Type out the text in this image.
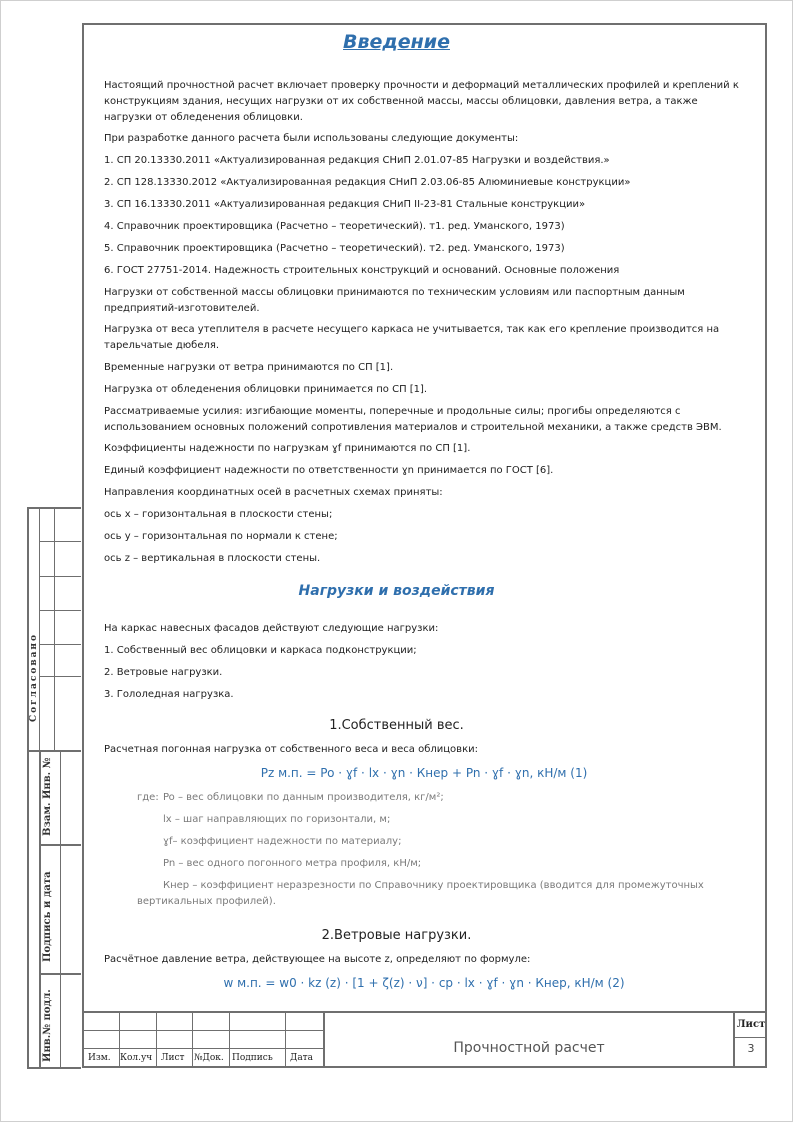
Введение
Настоящий прочностной расчет включает проверку прочности и деформаций металлических профилей и креплений к конструкциям здания, несущих нагрузки от их собственной массы, массы облицовки, давления ветра, а также нагрузки от обледенения облицовки.
При разработке данного расчета были использованы следующие документы:
1. СП 20.13330.2011 «Актуализированная редакция СНиП 2.01.07-85 Нагрузки и воздействия.»
2. СП 128.13330.2012 «Актуализированная редакция СНиП 2.03.06-85 Алюминиевые конструкции»
3. СП 16.13330.2011 «Актуализированная редакция СНиП II-23-81 Стальные конструкции»
4. Справочник проектировщика (Расчетно – теоретический). т1. ред. Уманского, 1973)
5. Справочник проектировщика (Расчетно – теоретический). т2. ред. Уманского, 1973)
6. ГОСТ 27751-2014. Надежность строительных конструкций и оснований. Основные положения
Нагрузки от собственной массы облицовки принимаются по техническим условиям или паспортным данным предприятий-изготовителей.
Нагрузка от веса утеплителя в расчете несущего каркаса не учитывается, так как его крепление производится на тарельчатые дюбеля.
Временные нагрузки от ветра принимаются по СП [1].
Нагрузка от обледенения облицовки принимается по СП [1].
Рассматриваемые усилия: изгибающие моменты, поперечные и продольные силы; прогибы определяются с использованием основных положений сопротивления материалов и строительной механики, а также средств ЭВМ.
Коэффициенты надежности по нагрузкам ɣf принимаются по СП [1].
Единый коэффициент надежности по ответственности ɣn принимается по ГОСТ [6].
Направления координатных осей в расчетных схемах приняты:
ось x – горизонтальная в плоскости стены;
ось y – горизонтальная по нормали к стене;
ось z – вертикальная в плоскости стены.
Нагрузки и воздействия
На каркас навесных фасадов действуют следующие нагрузки:
1. Собственный вес облицовки и каркаса подконструкции;
2. Ветровые нагрузки.
3. Гололедная нагрузка.
1.Собственный вес.
Расчетная погонная нагрузка от собственного веса и веса облицовки:
Pz м.п. = Po · ɣf · lx · ɣn · Кнер + Pn · ɣf · ɣn, кН/м (1)
где: Po – вес облицовки по данным производителя, кг/м²;
lx – шаг направляющих по горизонтали, м;
ɣf– коэффициент надежности по материалу;
Pn – вес одного погонного метра профиля, кН/м;
Кнер – коэффициент неразрезности по Справочнику проектировщика (вводится для промежуточных вертикальных профилей).
2.Ветровые нагрузки.
Расчётное давление ветра, действующее на высоте z, определяют по формуле:
w м.п. = w0 · kz (z) · [1 + ζ(z) · ν] · cp · lx · ɣf · ɣn · Кнер, кН/м (2)
Согласовано
Взам. Инв. №
Подпись и дата
Инв.№ подл.	Изм. Кол.уч Лист №Док. Подпись Дата
Прочностной расчет
Лист
3
